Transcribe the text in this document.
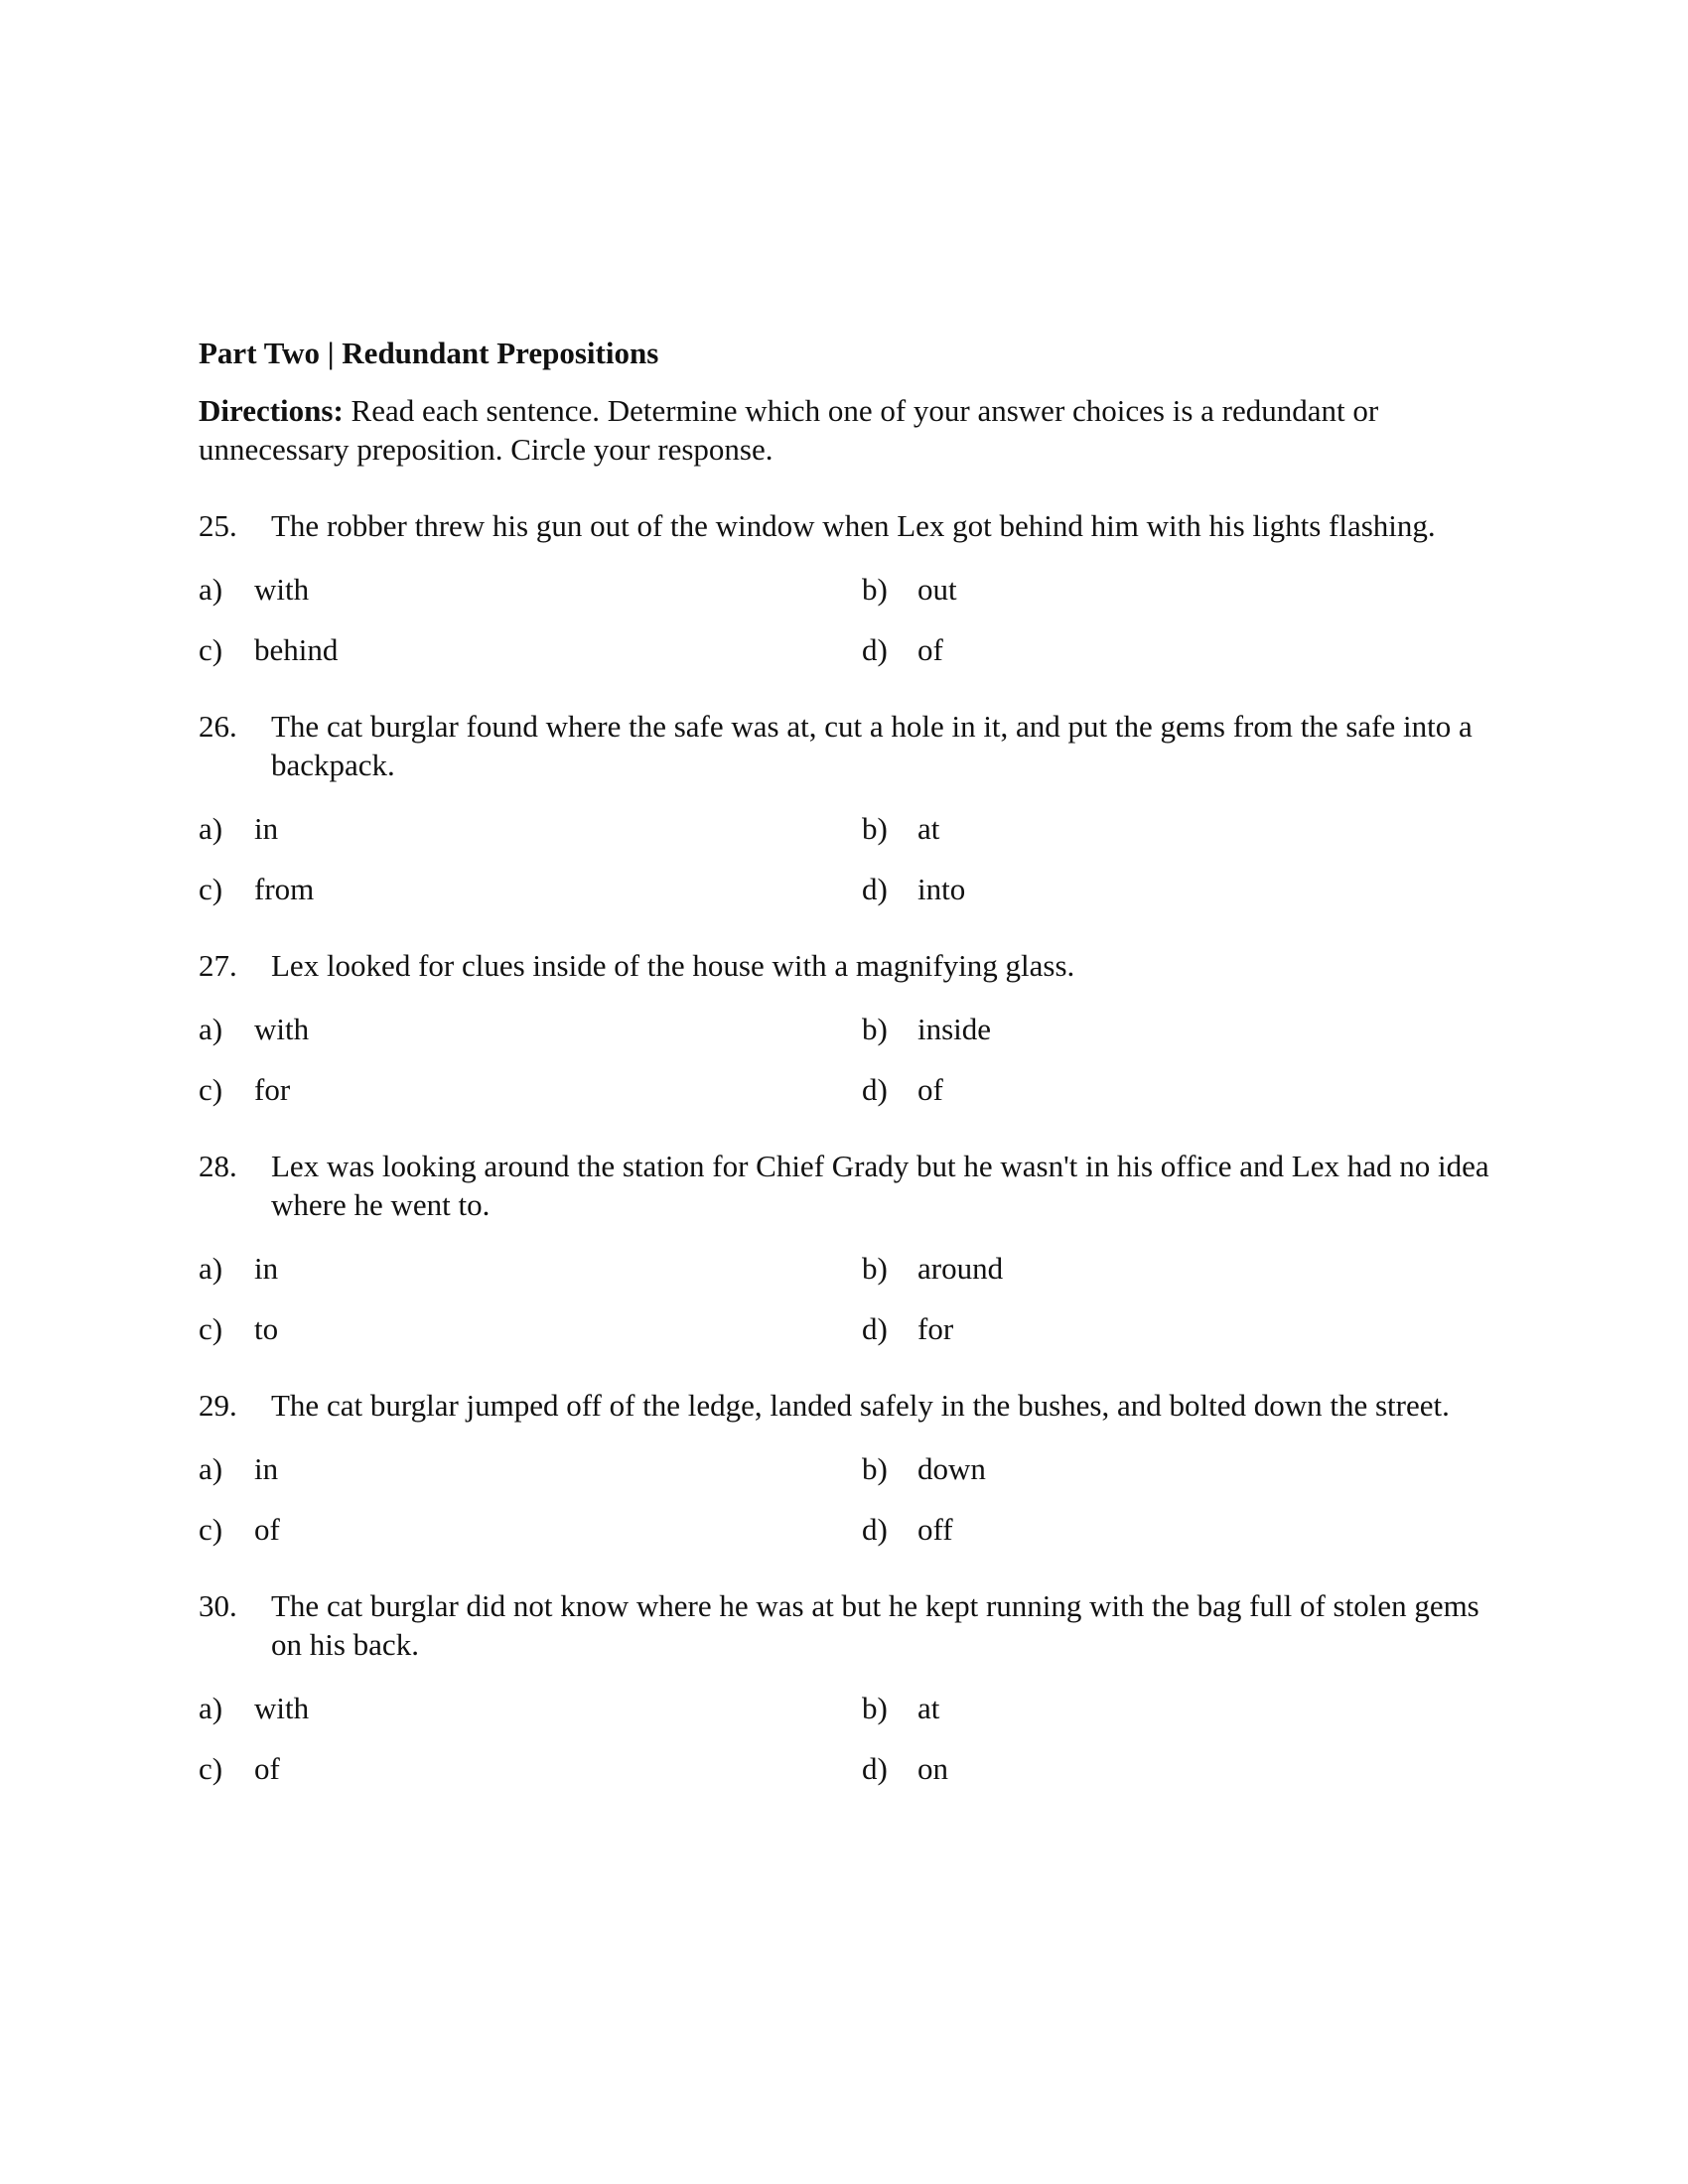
Part Two | Redundant Prepositions

Directions: Read each sentence. Determine which one of your answer choices is a redundant or unnecessary preposition. Circle your response.

25.	The robber threw his gun out of the window when Lex got behind him with his lights flashing.
a)	with	b) out
c)	behind	d) of
26.	The cat burglar found where the safe was at, cut a hole in it, and put the gems from the safe into a backpack.
a)	in	b) at
c)	from	d) into
27.	Lex looked for clues inside of the house with a magnifying glass.
a)	with	b) inside
c)	for	d) of
28.	Lex was looking around the station for Chief Grady but he wasn't in his office and Lex had no idea where he went to.
a)	in	b) around
c)	to	d) for
29.	The cat burglar jumped off of the ledge, landed safely in the bushes, and bolted down the street.
a)	in	b) down
c)	of	d) off
30.	The cat burglar did not know where he was at but he kept running with the bag full of stolen gems on his back.
a)	with	b) at
c)	of	d) on
